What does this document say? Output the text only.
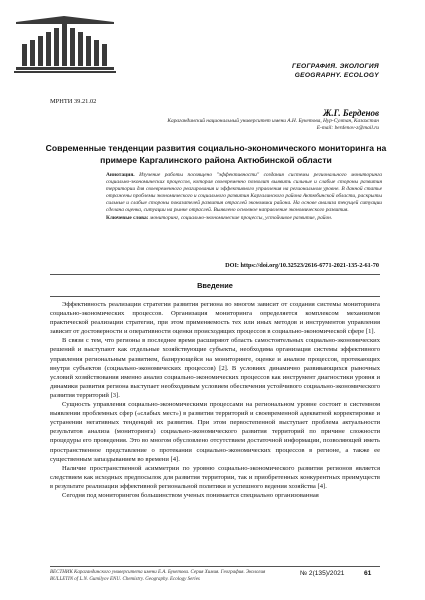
ГЕОГРАФИЯ. ЭКОЛОГИЯ
GEOGRAPHY. ECOLOGY
МРНТИ 39.21.02
Ж.Г. Берденов
Карагандинский национальный университет имени А.Н. Букетова, Нур-Султан, Казахстан
E-mail: berdenov-z@mail.ru
Современные тенденции развития социально-экономического мониторинга на примере Каргалинского района Актюбинской области
Аннотация. Изучение работы посвящено "эффективности" создания системы регионального мониторинга социально-экономических процессов, которая своевременно позволит выявить сильные и слабые стороны развития территории для своевременного реагирования и эффективного управления на региональном уровне. В данной статье отражены проблемы экономического и социального развития Каргалинского района Актюбинской области, раскрыты сильные и слабые стороны показателей развития отраслей экономики района. На основе анализа текущей ситуации сделана оценка, ситуации на рынке отраслей. Выявлено основное направление экономического развития.
Ключевые слова: мониторинг, социально-экономические процессы, устойчивое развитие, район.
DOI: https://doi.org/10.32523/2616-6771-2021-135-2-61-70
Введение

Эффективность реализации стратегии развития региона во многом зависит от создания системы мониторинга социально-экономических процессов. Организация мониторинга определяется комплексом механизмов практической реализации стратегии, при этом применяемость тех или иных методов и инструментов управления зависит от достоверности и оперативности оценки происходящих процессов в социально-экономической сфере [1].

В связи с тем, что регионы в последнее время расширяют область самостоятельных социально-экономических решений и выступают как отдельные хозяйствующие субъекты, необходима организация системы эффективного управления региональным развитием, базирующейся на мониторинге, оценке и анализе процессов, протекающих внутри субъектов (социально-экономических процессов) [2]. В условиях динамично развивающихся рыночных условий хозяйствования именно анализ социально-экономических процессов как инструмент диагностики уровня и динамики развития региона выступает необходимым условием обеспечения устойчивого социально-экономического развития территорий [3].

Сущность управления социально-экономическими процессами на региональном уровне состоит в системном выявлении проблемных сфер («слабых мест») в развитии территорий и своевременной адекватной корректировке и устранении негативных тенденций их развития. При этом первостепенной выступает проблема актуальности результатов анализа (мониторинга) социально-экономического развития территорий по причине сложности процедуры его проведения. Это во многом обусловлено отсутствием достаточной информации, позволяющей иметь пространственное представление о протекании социально-экономических процессов в регионе, а также ее существенным запаздыванием во времени [4].

Наличие пространственной асимметрии по уровню социально-экономического развития регионов является следствием как исходных предпосылок для развития территории, так и приобретенных конкурентных преимуществ в результате реализации эффективной региональной политики и успешного ведения хозяйства [4].

Сегодня под мониторингом большинством ученых понимается специально организованная

ВЕСТНИК Карагандинского университета имени Е.А. Букетова. Серия Химия. География. Экология
BULLETIN of L.N. Gumilyov ENU. Chemistry. Geography. Ecology Series
№ 2(135)/2021	61
